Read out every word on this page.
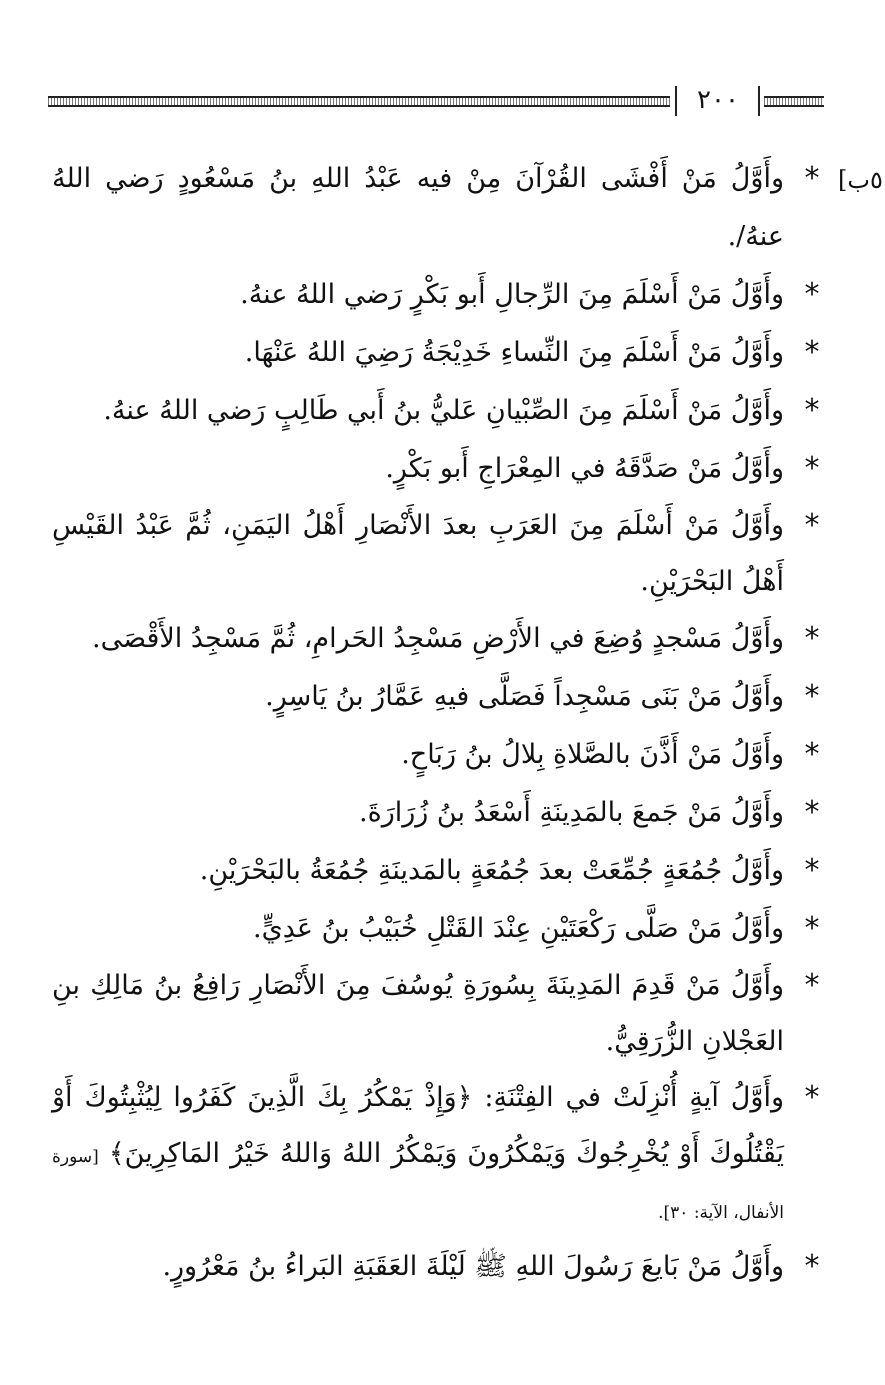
٢٠٠
٥ب]
*
وأَوَّلُ مَنْ أَفْشَى القُرْآنَ مِنْ فيه عَبْدُ اللهِ بنُ مَسْعُودٍ رَضي اللهُ عنهُ/.
*
وأَوَّلُ مَنْ أَسْلَمَ مِنَ الرِّجالِ أَبو بَكْرٍ رَضي اللهُ عنهُ.
*
وأَوَّلُ مَنْ أَسْلَمَ مِنَ النِّساءِ خَدِيْجَةُ رَضِيَ اللهُ عَنْهَا.
*
وأَوَّلُ مَنْ أَسْلَمَ مِنَ الصِّبْيانِ عَليُّ بنُ أَبي طَالِبٍ رَضي اللهُ عنهُ.
*
وأَوَّلُ مَنْ صَدَّقَهُ في المِعْرَاجِ أَبو بَكْرٍ.
*
وأَوَّلُ مَنْ أَسْلَمَ مِنَ العَرَبِ بعدَ الأَنْصَارِ أَهْلُ اليَمَنِ، ثُمَّ عَبْدُ القَيْسِ أَهْلُ البَحْرَيْنِ.
*
وأَوَّلُ مَسْجدٍ وُضِعَ في الأَرْضِ مَسْجِدُ الحَرامِ، ثُمَّ مَسْجِدُ الأَقْصَى.
*
وأَوَّلُ مَنْ بَنَى مَسْجِداً فَصَلَّى فيهِ عَمَّارُ بنُ يَاسِرٍ.
*
وأَوَّلُ مَنْ أَذَّنَ بالصَّلاةِ بِلالُ بنُ رَبَاحٍ.
*
وأَوَّلُ مَنْ جَمعَ بالمَدِينَةِ أَسْعَدُ بنُ زُرَارَةَ.
*
وأَوَّلُ جُمُعَةٍ جُمِّعَتْ بعدَ جُمُعَةٍ بالمَدينَةِ جُمُعَةُ بالبَحْرَيْنِ.
*
وأَوَّلُ مَنْ صَلَّى رَكْعَتَيْنِ عِنْدَ القَتْلِ خُبَيْبُ بنُ عَدِيٍّ.
*
وأَوَّلُ مَنْ قَدِمَ المَدِينَةَ بِسُورَةِ يُوسُفَ مِنَ الأَنْصَارِ رَافِعُ بنُ مَالِكِ بنِ العَجْلانِ الزُّرَقِيُّ.
*
وأَوَّلُ آيةٍ أُنْزِلَتْ في الفِتْنَةِ: ﴿وَإِذْ يَمْكُرُ بِكَ الَّذِينَ كَفَرُوا لِيُثْبِتُوكَ أَوْ يَقْتُلُوكَ أَوْ يُخْرِجُوكَ وَيَمْكُرُونَ وَيَمْكُرُ اللهُ وَاللهُ خَيْرُ المَاكِرِينَ﴾ [سورة الأنفال، الآية: ٣٠].
*
وأَوَّلُ مَنْ بَايعَ رَسُولَ اللهِ ﷺ لَيْلَةَ العَقَبَةِ البَراءُ بنُ مَعْرُورٍ.
